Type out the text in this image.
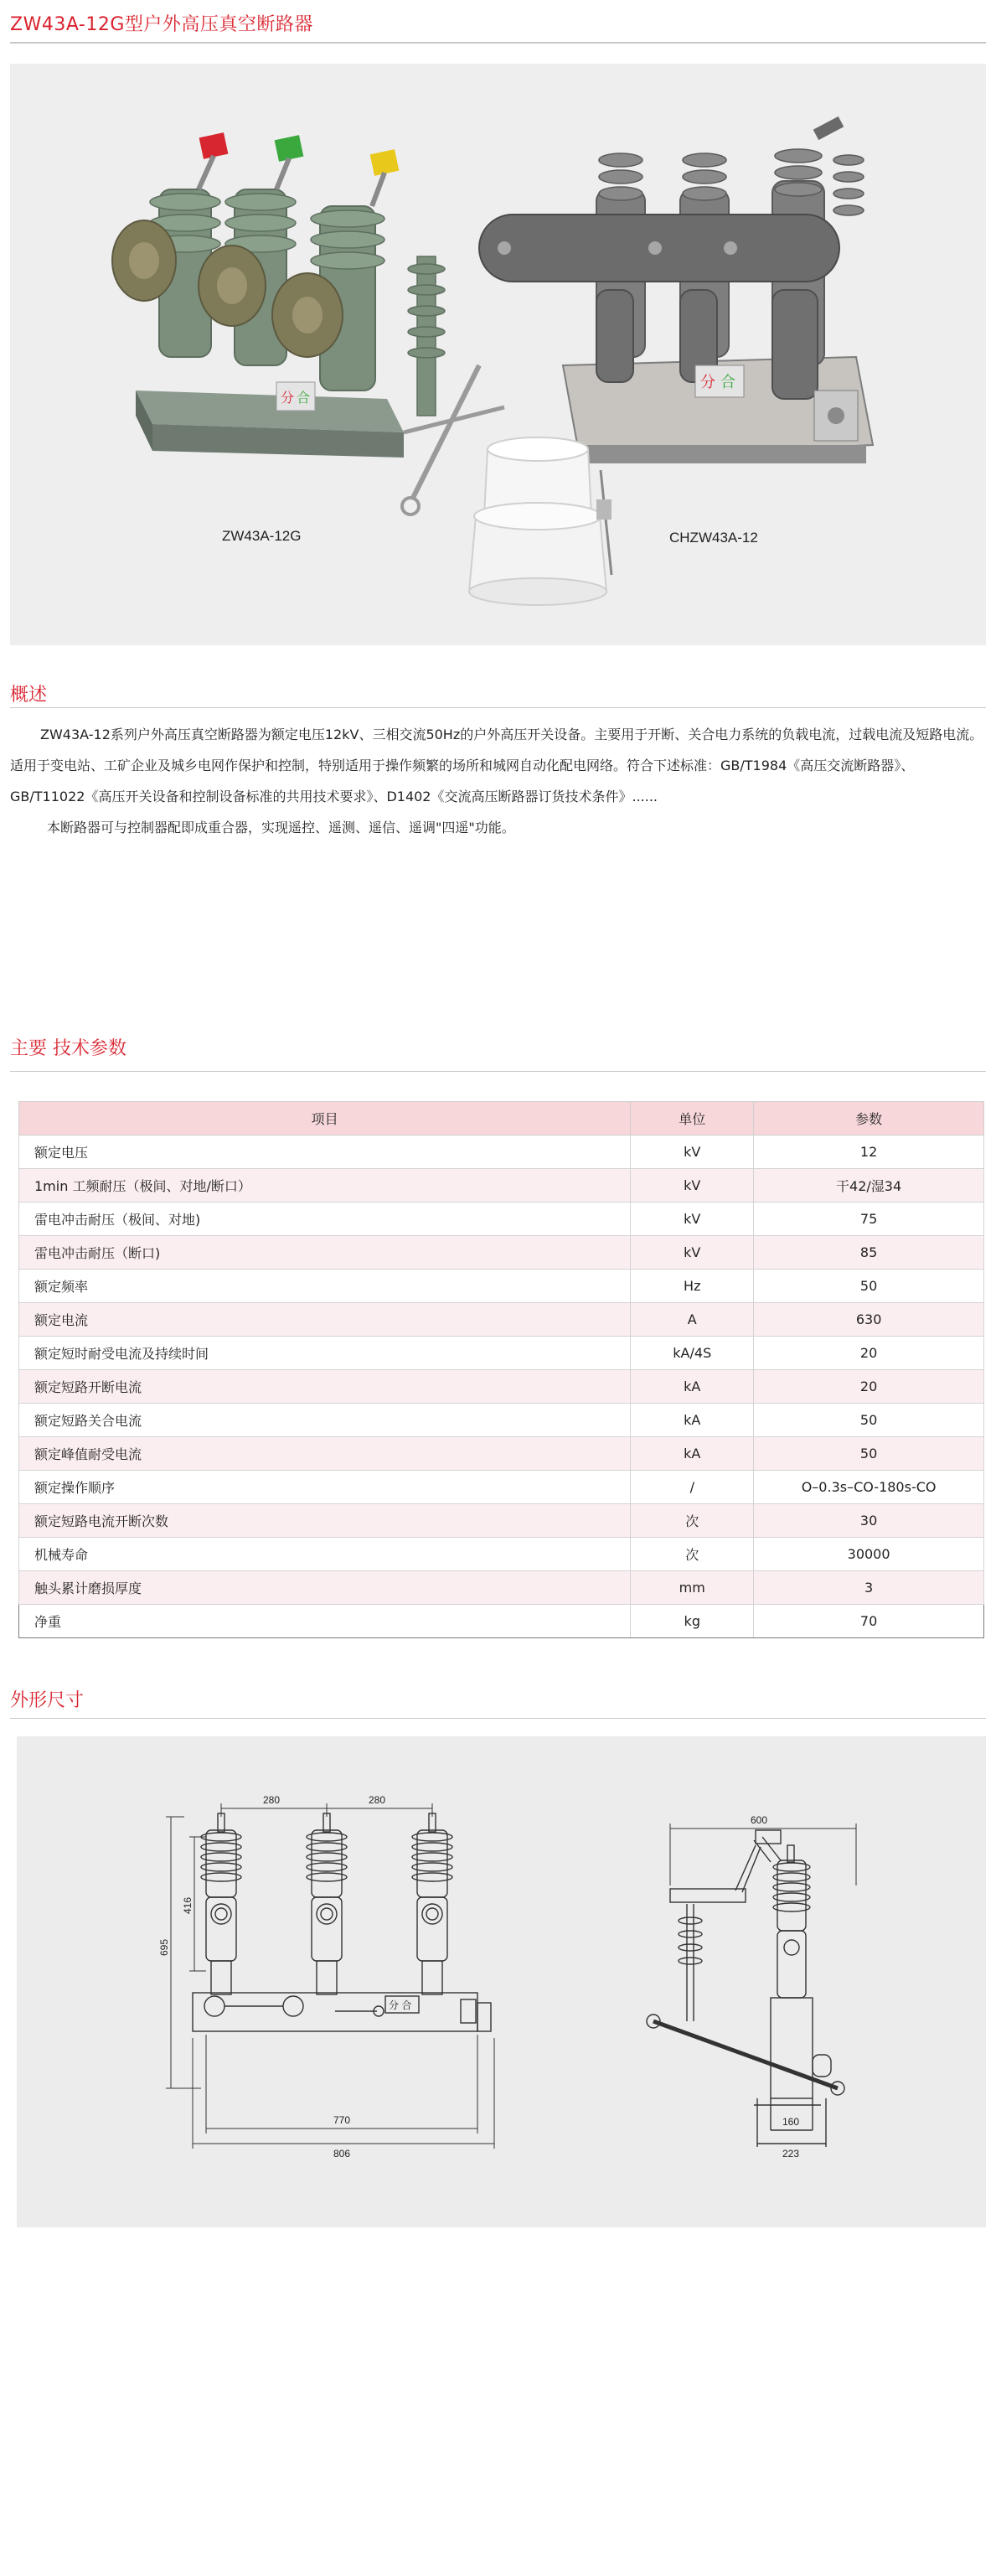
ZW43A-12G型户外高压真空断路器
分 合
分 合
ZW43A-12G	CHZW43A-12
概述

ZW43A-12系列户外高压真空断路器为额定电压12kV、三相交流50Hz的户外高压开关设备。主要用于开断、关合电力系统的负载电流，过载电流及短路电流。适用于变电站、工矿企业及城乡电网作保护和控制，特别适用于操作频繁的场所和城网自动化配电网络。符合下述标准：GB/T1984《高压交流断路器》、GB/T11022《高压开关设备和控制设备标准的共用技术要求》、D1402《交流高压断路器订货技术条件》......

本断路器可与控制器配即成重合器，实现遥控、遥测、遥信、遥调"四遥"功能。

主要 技术参数
项目	单位	参数
额定电压	kV	12
1min 工频耐压（极间、对地/断口）	kV	干42/湿34
雷电冲击耐压（极间、对地)	kV	75
雷电冲击耐压（断口)	kV	85
额定频率	Hz	50
额定电流	A	630
额定短时耐受电流及持续时间	kA/4S	20
额定短路开断电流	kA	20
额定短路关合电流	kA	50
额定峰值耐受电流	kA	50
额定操作顺序	/	O–0.3s–CO-180s-CO
额定短路电流开断次数	次	30
机械寿命	次	30000
触头累计磨损厚度	mm	3
净重	kg	70
外形尺寸
280	280
695
416
770
806
分 合
600
160
223
